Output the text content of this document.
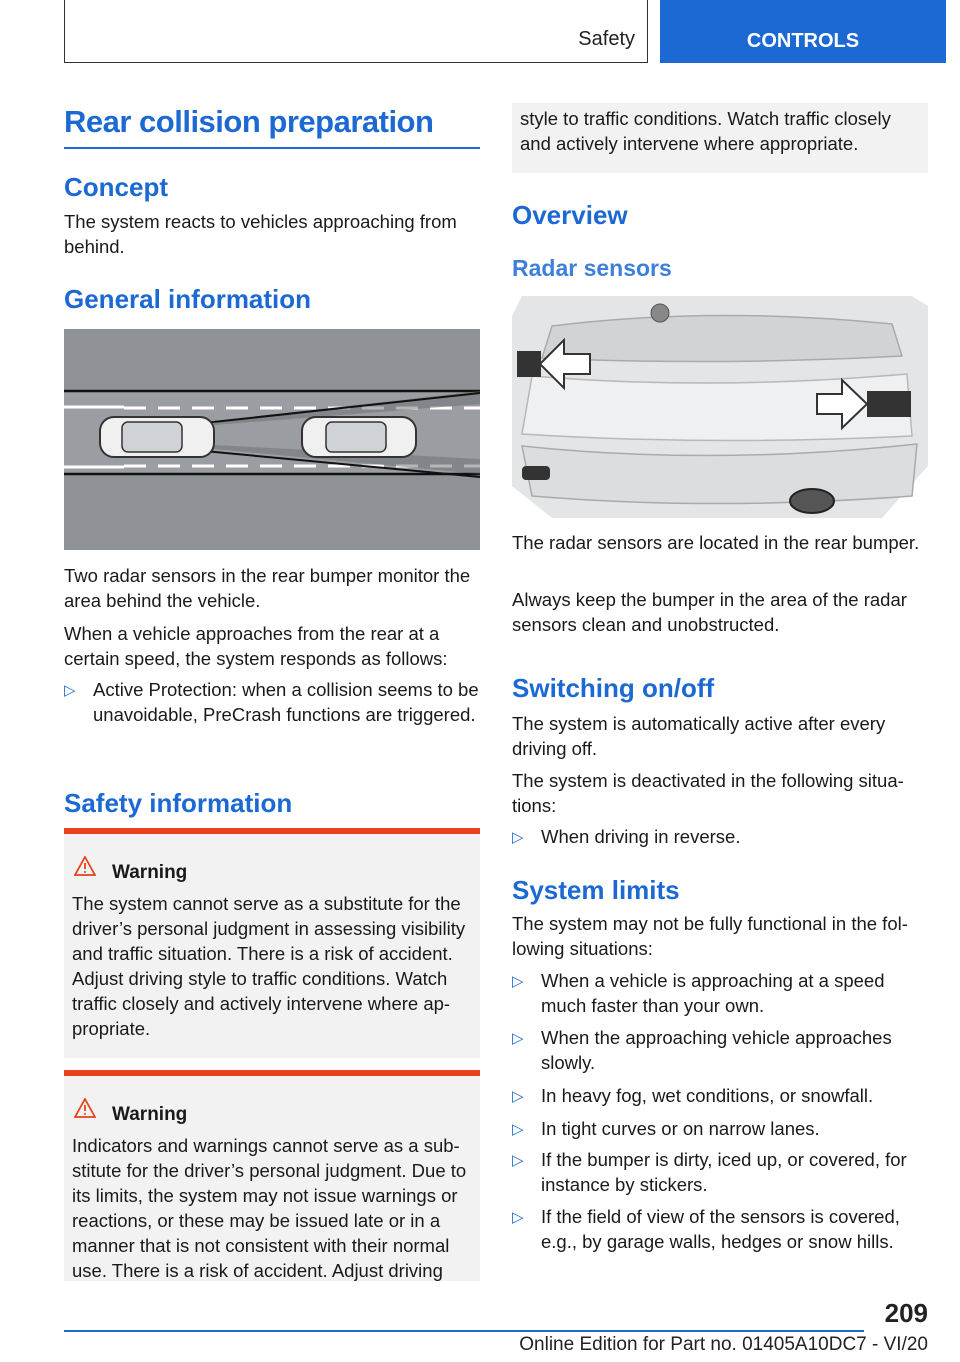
Safety	CONTROLS
Rear collision preparation
Concept
The system reacts to vehicles approaching from behind.
General information
Two radar sensors in the rear bumper monitor the area behind the vehicle.
When a vehicle approaches from the rear at a certain speed, the system responds as follows:
▷ Active Protection: when a collision seems to be unavoidable, PreCrash functions are triggered.
Safety information
Warning
The system cannot serve as a substitute for the driver’s personal judgment in assessing visibility and traffic situation. There is a risk of accident. Adjust driving style to traffic conditions. Watch traffic closely and actively intervene where appropriate.
Warning
Indicators and warnings cannot serve as a substitute for the driver’s personal judgment. Due to its limits, the system may not issue warnings or reactions, or these may be issued late or in a manner that is not consistent with their normal use. There is a risk of accident. Adjust driving
style to traffic conditions. Watch traffic closely and actively intervene where appropriate.
Overview
Radar sensors
The radar sensors are located in the rear bumper.
Always keep the bumper in the area of the radar sensors clean and unobstructed.
Switching on/off
The system is automatically active after every driving off.
The system is deactivated in the following situations:
▷ When driving in reverse.
System limits
The system may not be fully functional in the following situations:
▷ When a vehicle is approaching at a speed much faster than your own.
▷ When the approaching vehicle approaches slowly.
▷ In heavy fog, wet conditions, or snowfall.
▷ In tight curves or on narrow lanes.
▷ If the bumper is dirty, iced up, or covered, for instance by stickers.
▷ If the field of view of the sensors is covered, e.g., by garage walls, hedges or snow hills.
209
Online Edition for Part no. 01405A10DC7 - VI/20
